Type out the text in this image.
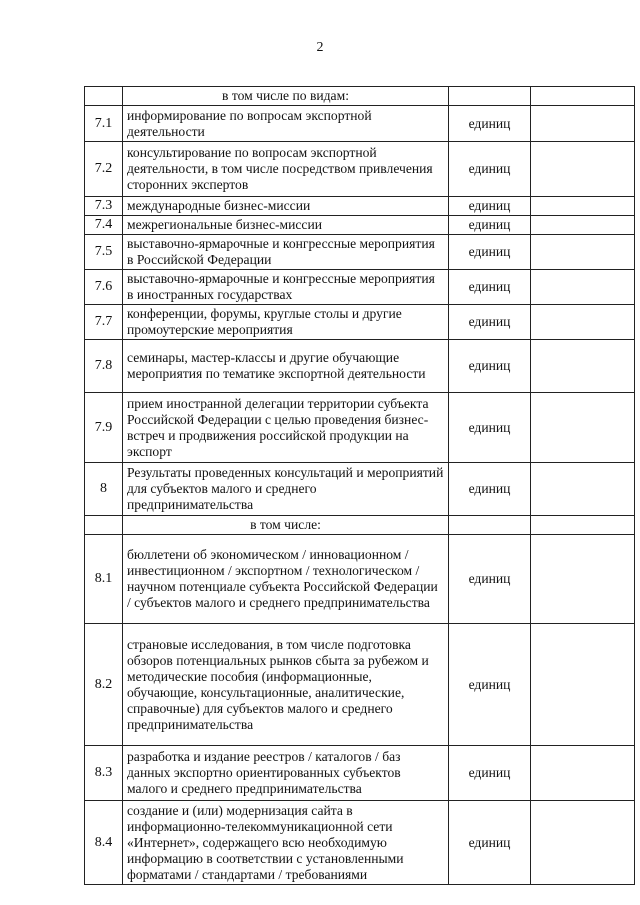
2
	в том числе по видам:		
7.1	информирование по вопросам экспортной деятельности	единиц	
7.2	консультирование по вопросам экспортной деятельности, в том числе посредством привлечения сторонних экспертов	единиц	
7.3	международные бизнес-миссии	единиц	
7.4	межрегиональные бизнес-миссии	единиц	
7.5	выставочно-ярмарочные и конгрессные мероприятия в Российской Федерации	единиц	
7.6	выставочно-ярмарочные и конгрессные мероприятия в иностранных государствах	единиц	
7.7	конференции, форумы, круглые столы и другие промоутерские мероприятия	единиц	
7.8	семинары, мастер-классы и другие обучающие мероприятия по тематике экспортной деятельности	единиц	
7.9	прием иностранной делегации территории субъекта Российской Федерации с целью проведения бизнес-встреч и продвижения российской продукции на экспорт	единиц	
8	Результаты проведенных консультаций и мероприятий для субъектов малого и среднего предпринимательства	единиц	
	в том числе:		
8.1	бюллетени об экономическом / инновационном / инвестиционном / экспортном / технологическом / научном потенциале субъекта Российской Федерации / субъектов малого и среднего предпринимательства	единиц	
8.2	страновые исследования, в том числе подготовка обзоров потенциальных рынков сбыта за рубежом и методические пособия (информационные, обучающие, консультационные, аналитические, справочные) для субъектов малого и среднего предпринимательства	единиц	
8.3	разработка и издание реестров / каталогов / баз данных экспортно ориентированных субъектов малого и среднего предпринимательства	единиц	
8.4	создание и (или) модернизация сайта в информационно-телекоммуникационной сети «Интернет», содержащего всю необходимую информацию в соответствии с установленными форматами / стандартами / требованиями	единиц	
